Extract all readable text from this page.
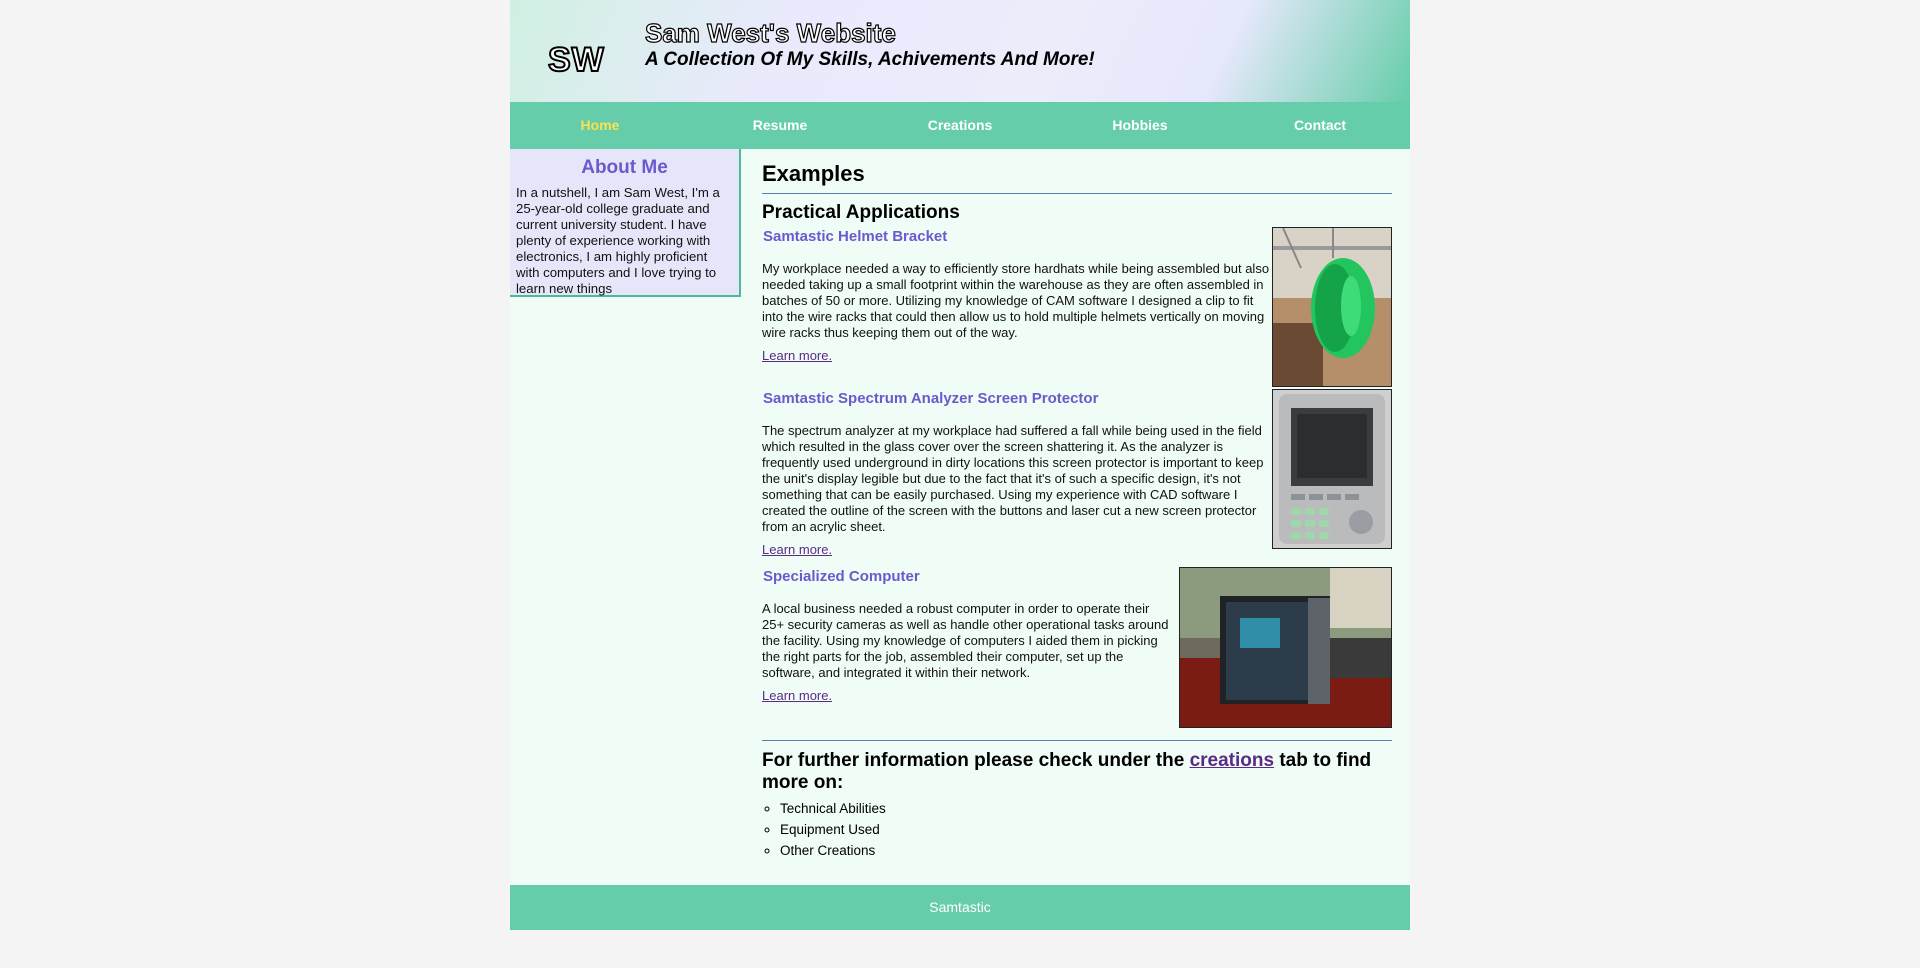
SW
Sam West's Website
A Collection Of My Skills, Achivements And More!
Home	Resume	Creations	Hobbies	Contact
About Me

In a nutshell, I am Sam West, I'm a 25-year-old college graduate and current university student. I have plenty of experience working with electronics, I am highly proficient with computers and I love trying to learn new things

Examples
Practical Applications
Samtastic Helmet Bracket

My workplace needed a way to efficiently store hardhats while being assembled but also needed taking up a small footprint within the warehouse as they are often assembled in batches of 50 or more. Utilizing my knowledge of CAM software I designed a clip to fit into the wire racks that could then allow us to hold multiple helmets vertically on moving wire racks thus keeping them out of the way.

Learn more.
Samtastic Spectrum Analyzer Screen Protector

The spectrum analyzer at my workplace had suffered a fall while being used in the field which resulted in the glass cover over the screen shattering it. As the analyzer is frequently used underground in dirty locations this screen protector is important to keep the unit's display legible but due to the fact that it's of such a specific design, it's not something that can be easily purchased. Using my experience with CAD software I created the outline of the screen with the buttons and laser cut a new screen protector from an acrylic sheet.

Learn more.
Specialized Computer

A local business needed a robust computer in order to operate their 25+ security cameras as well as handle other operational tasks around the facility. Using my knowledge of computers I aided them in picking the right parts for the job, assembled their computer, set up the software, and integrated it within their network.

Learn more.
For further information please check under the creations tab to find more on:
◦ Technical Abilities
◦ Equipment Used
◦ Other Creations
Samtastic
